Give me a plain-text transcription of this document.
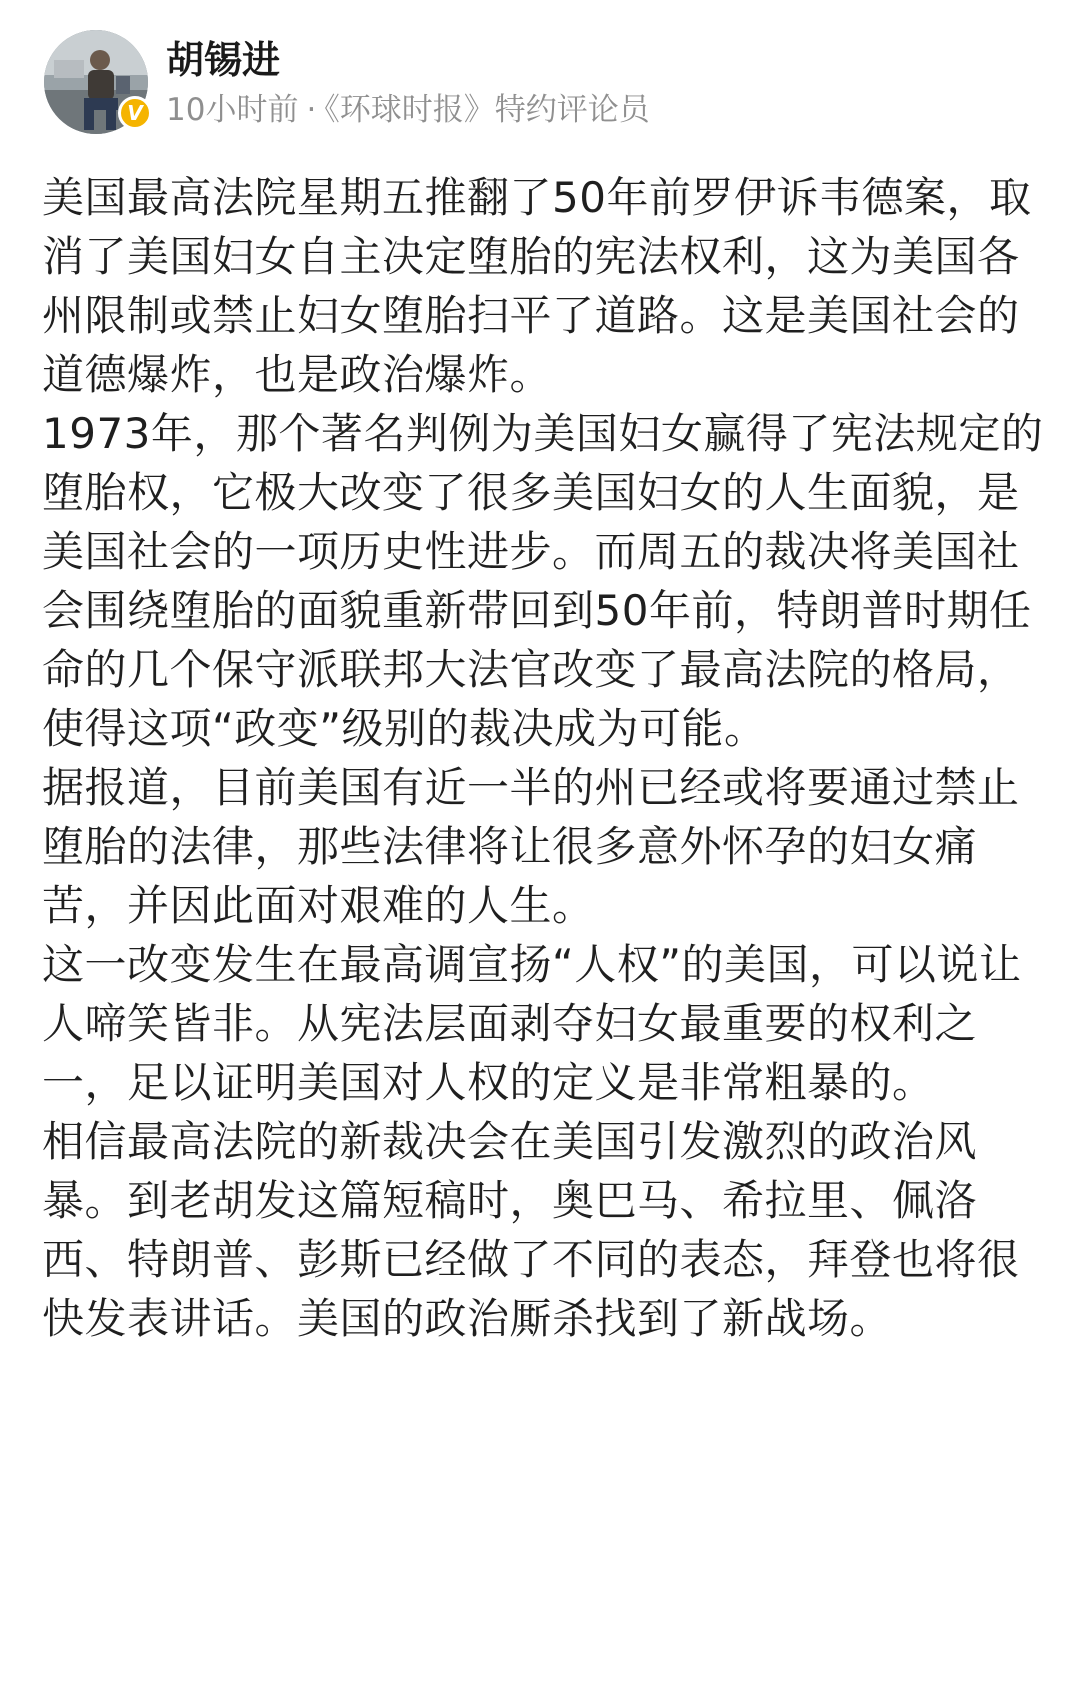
V
胡锡进
10小时前 · 《环球时报》特约评论员

美国最高法院星期五推翻了50年前罗伊诉韦德案，取消了美国妇女自主决定堕胎的宪法权利，这为美国各州限制或禁止妇女堕胎扫平了道路。这是美国社会的道德爆炸，也是政治爆炸。

1973年，那个著名判例为美国妇女赢得了宪法规定的堕胎权，它极大改变了很多美国妇女的人生面貌，是美国社会的一项历史性进步。而周五的裁决将美国社会围绕堕胎的面貌重新带回到50年前，特朗普时期任命的几个保守派联邦大法官改变了最高法院的格局，使得这项“政变”级别的裁决成为可能。

据报道，目前美国有近一半的州已经或将要通过禁止堕胎的法律，那些法律将让很多意外怀孕的妇女痛苦，并因此面对艰难的人生。

这一改变发生在最高调宣扬“人权”的美国，可以说让人啼笑皆非。从宪法层面剥夺妇女最重要的权利之一，足以证明美国对人权的定义是非常粗暴的。

相信最高法院的新裁决会在美国引发激烈的政治风暴。到老胡发这篇短稿时，奥巴马、希拉里、佩洛西、特朗普、彭斯已经做了不同的表态，拜登也将很快发表讲话。美国的政治厮杀找到了新战场。
